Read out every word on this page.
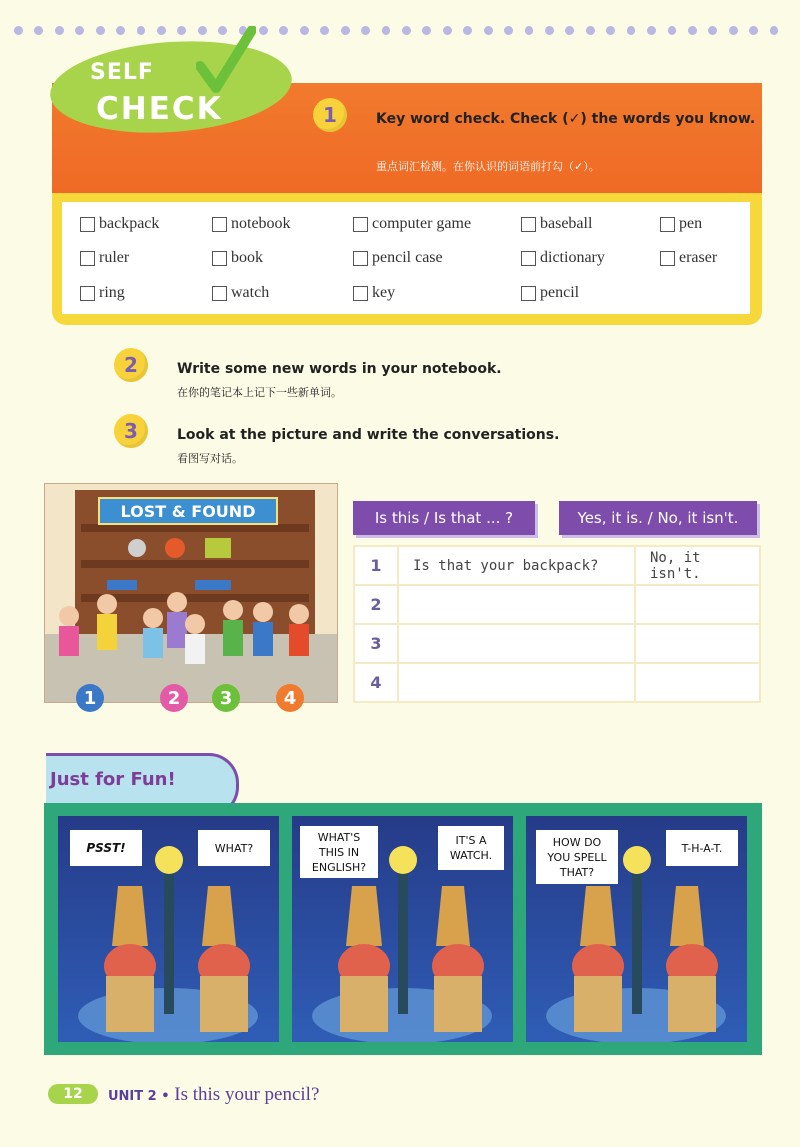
SELF
CHECK	1	Key word check. Check (✓) the words you know.
重点词汇检测。在你认识的词语前打勾（✓）。
backpack	notebook	computer game	baseball	pen
ruler	book	pencil case	dictionary	eraser
ring	watch	key	pencil
2	Write some new words in your notebook.
在你的笔记本上记下一些新单词。
3	Look at the picture and write the conversations.
看图写对话。
LOST & FOUND
1	2	3	4
Is this / Is that ... ?	Yes, it is. / No, it isn't.
1	Is that your backpack?	No, it isn't.
2		
3		
4		
Just for Fun!
PSST!	WHAT?
WHAT'S THIS IN ENGLISH?
IT'S A WATCH.
HOW DO YOU SPELL THAT?
T-H-A-T.
12	UNIT 2 • Is this your pencil?
